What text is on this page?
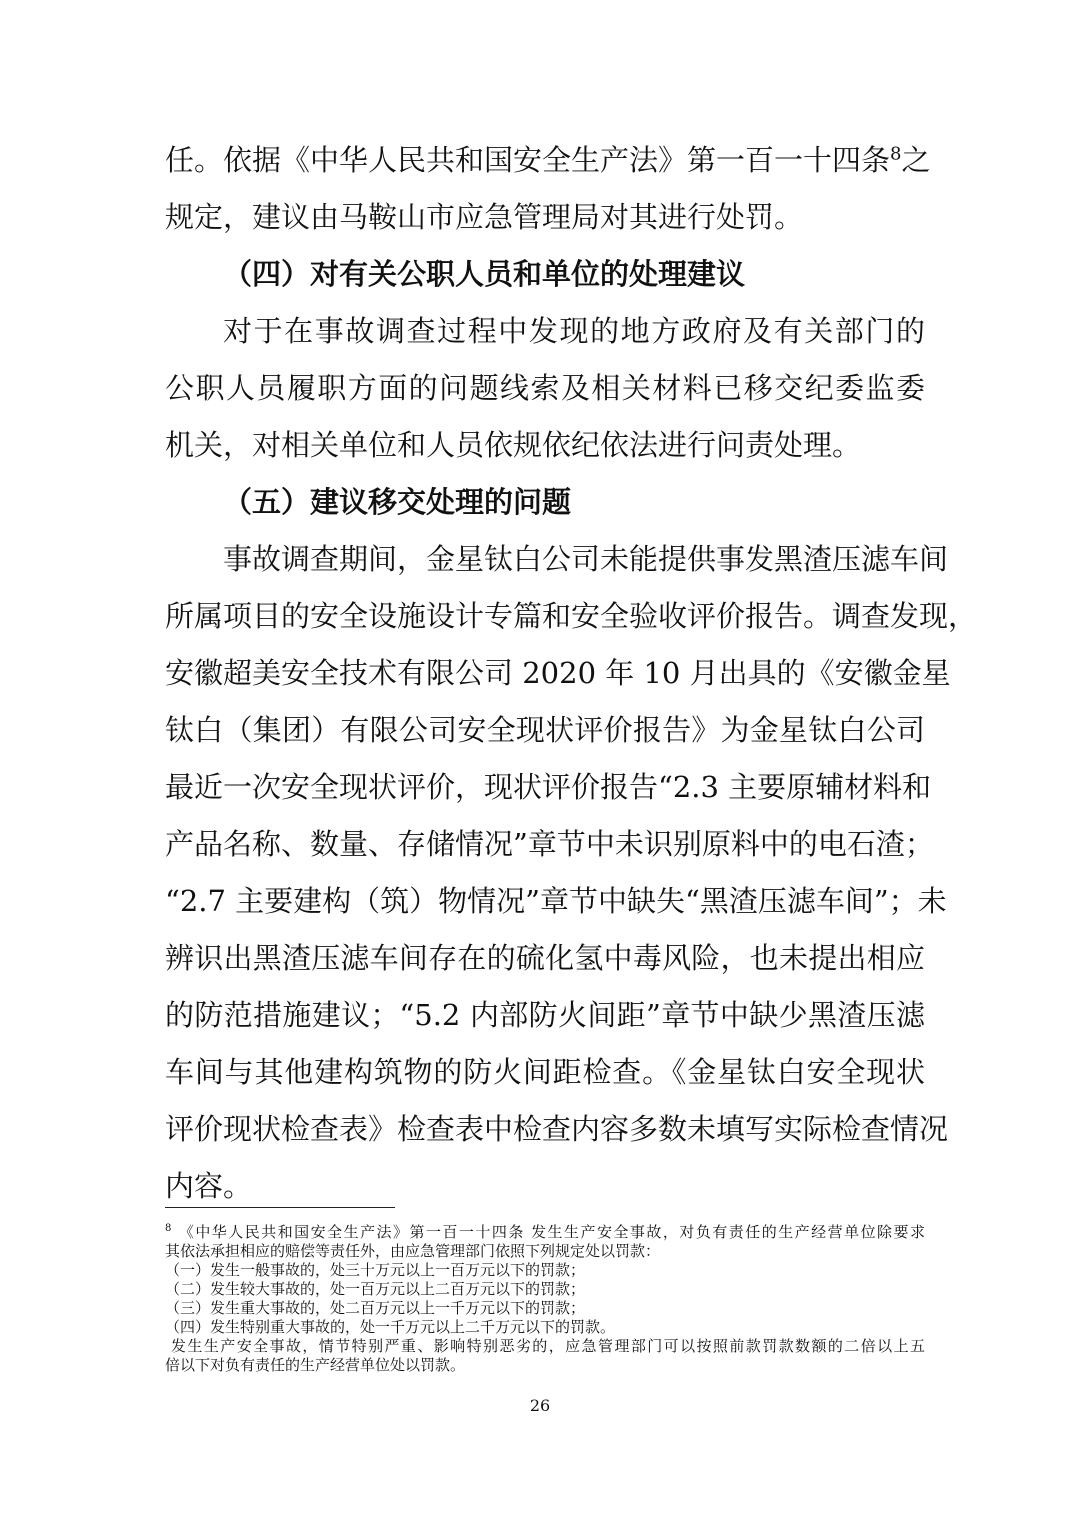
任。依据《中华人民共和国安全生产法》第一百一十四条$^8$之
规定，建议由马鞍山市应急管理局对其进行处罚。
（四）对有关公职人员和单位的处理建议
对于在事故调查过程中发现的地方政府及有关部门的
公职人员履职方面的问题线索及相关材料已移交纪委监委
机关，对相关单位和人员依规依纪依法进行问责处理。
（五）建议移交处理的问题
事故调查期间，金星钛白公司未能提供事发黑渣压滤车间
所属项目的安全设施设计专篇和安全验收评价报告。调查发现，
安徽超美安全技术有限公司 2020 年 10 月出具的《安徽金星
钛白（集团）有限公司安全现状评价报告》为金星钛白公司
最近一次安全现状评价，现状评价报告“2.3 主要原辅材料和
产品名称、数量、存储情况”章节中未识别原料中的电石渣；
“2.7 主要建构（筑）物情况”章节中缺失“黑渣压滤车间”；未
辨识出黑渣压滤车间存在的硫化氢中毒风险，也未提出相应
的防范措施建议；“5.2 内部防火间距”章节中缺少黑渣压滤
车间与其他建构筑物的防火间距检查。《金星钛白安全现状
评价现状检查表》检查表中检查内容多数未填写实际检查情况
内容。
$^8$ 《中华人民共和国安全生产法》第一百一十四条 发生生产安全事故，对负有责任的生产经营单位除要求
其依法承担相应的赔偿等责任外，由应急管理部门依照下列规定处以罚款：
（一）发生一般事故的，处三十万元以上一百万元以下的罚款；
（二）发生较大事故的，处一百万元以上二百万元以下的罚款；
（三）发生重大事故的，处二百万元以上一千万元以下的罚款；
（四）发生特别重大事故的，处一千万元以上二千万元以下的罚款。
发生生产安全事故，情节特别严重、影响特别恶劣的，应急管理部门可以按照前款罚款数额的二倍以上五
倍以下对负有责任的生产经营单位处以罚款。
26
